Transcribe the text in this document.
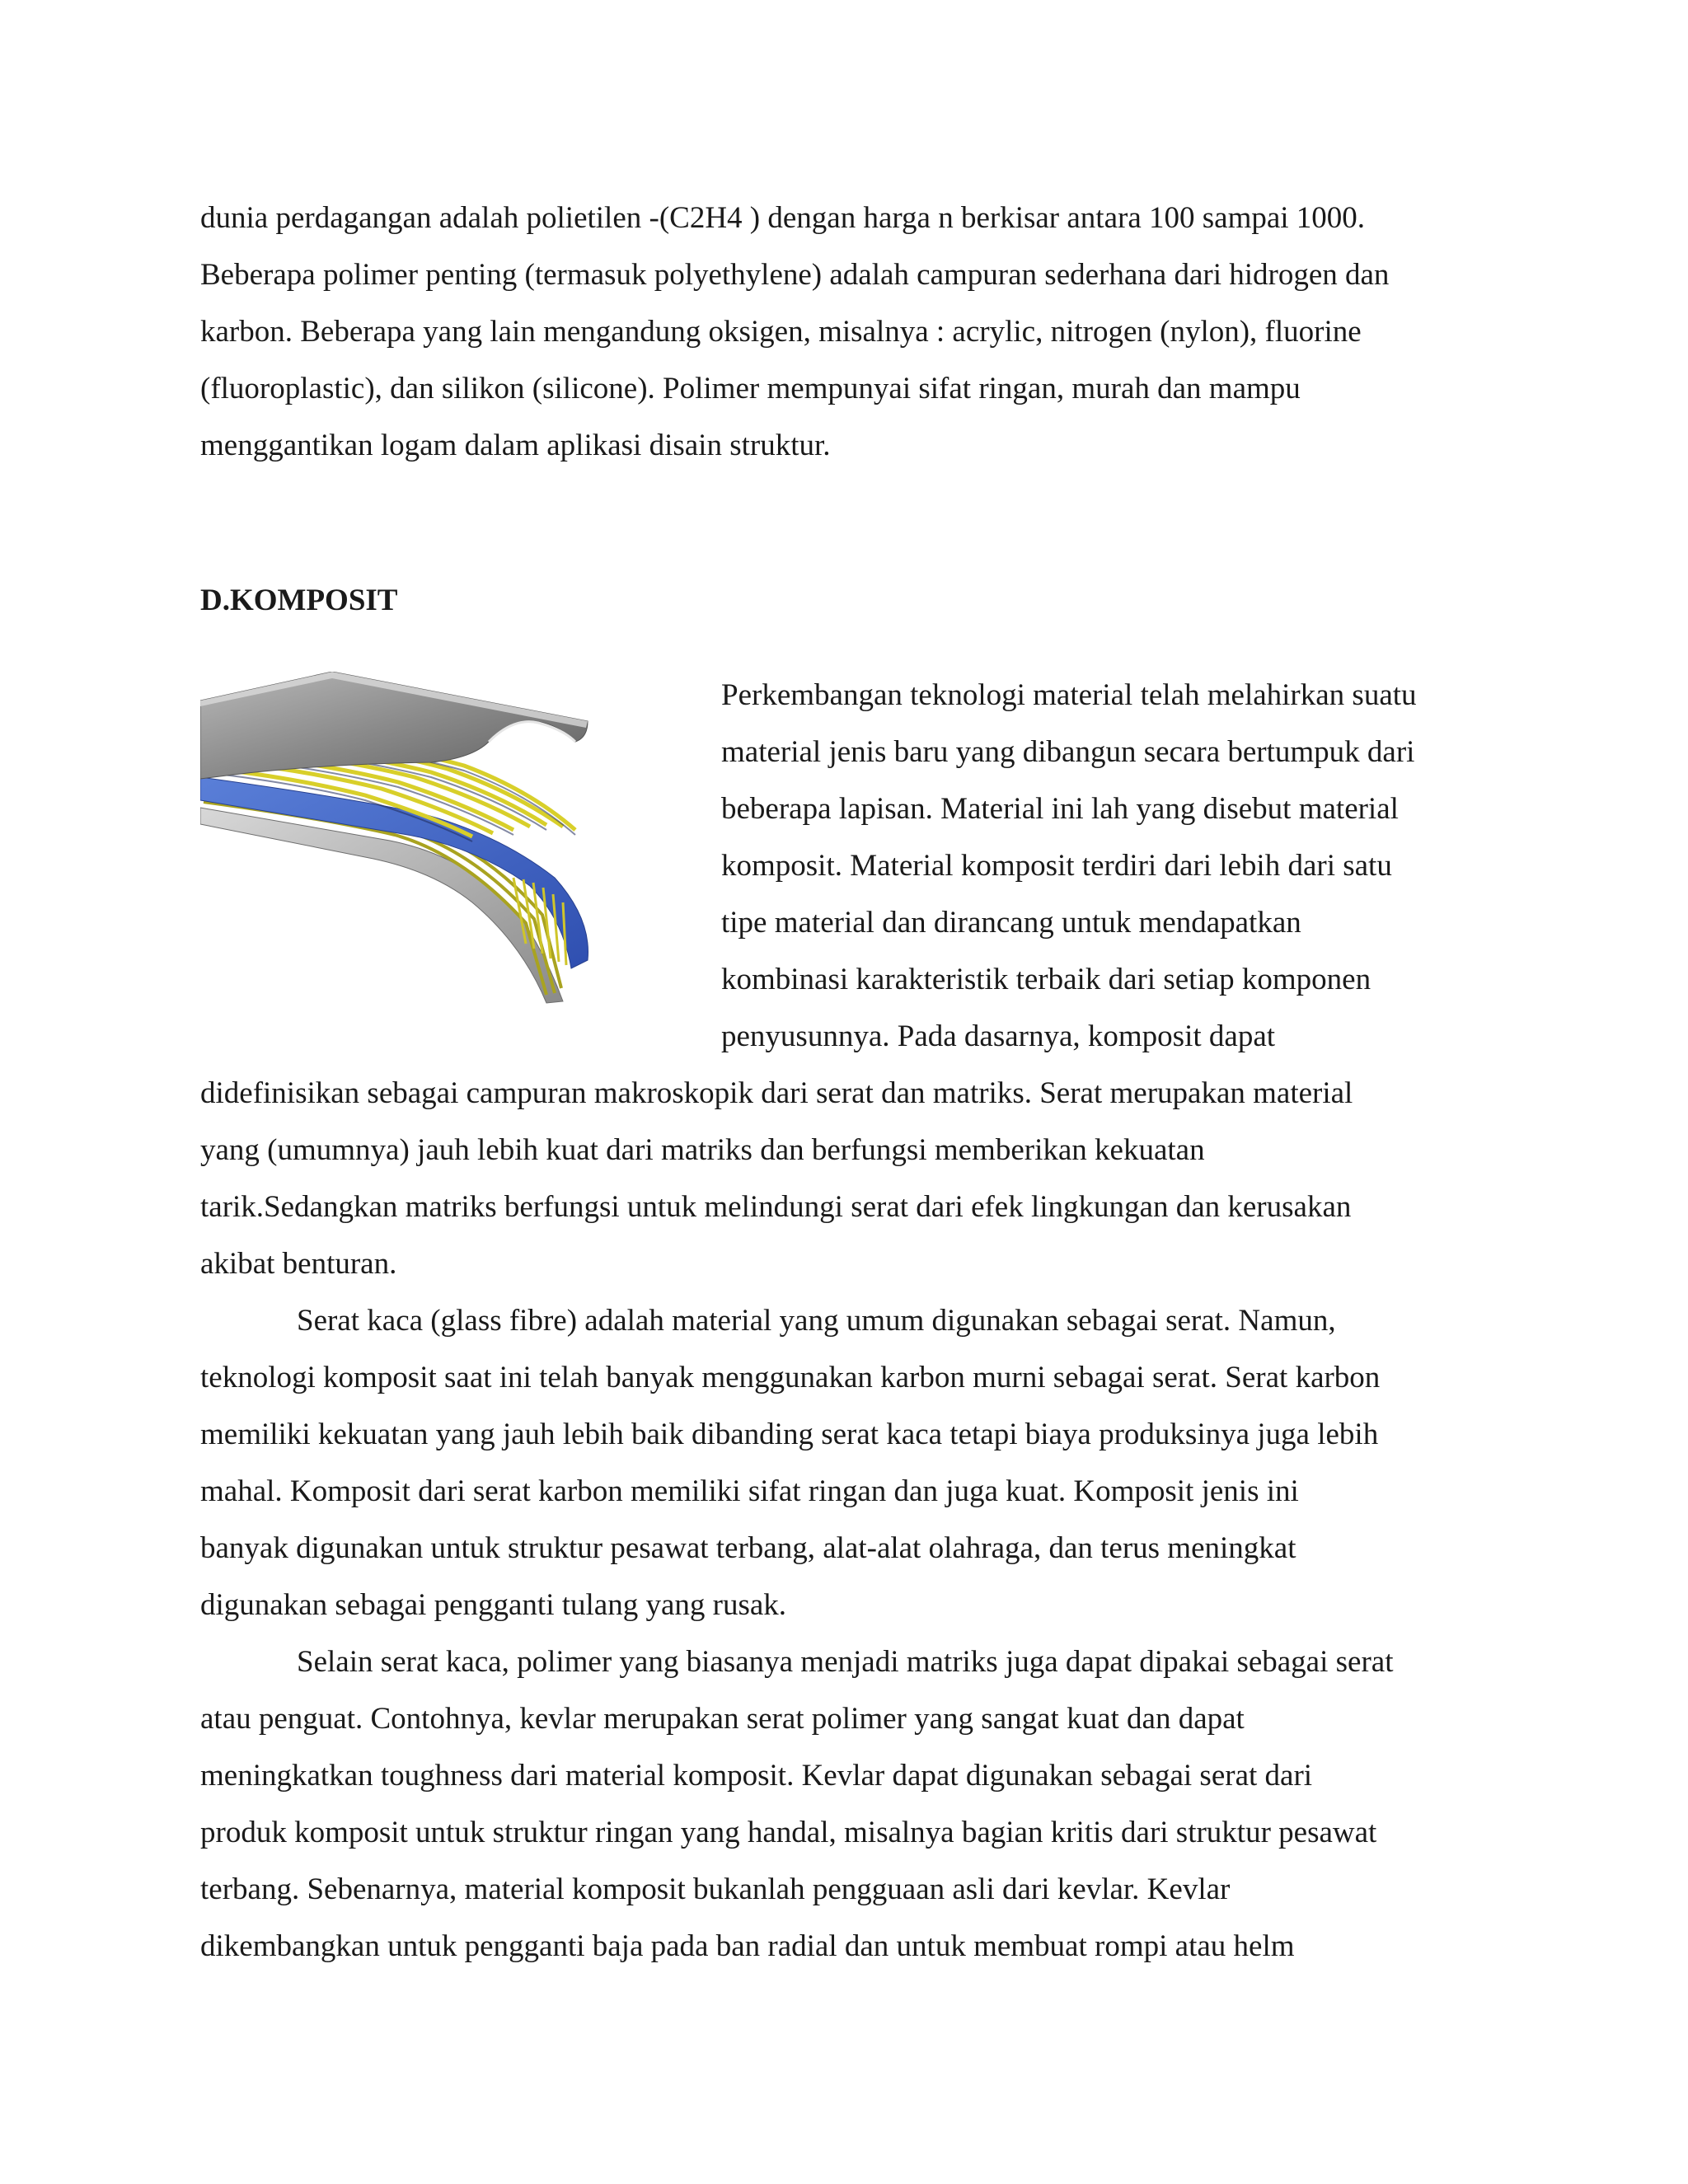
dunia perdagangan adalah polietilen -(C2H4 ) dengan harga n berkisar antara 100 sampai 1000.
Beberapa polimer penting (termasuk polyethylene) adalah campuran sederhana dari hidrogen dan
karbon. Beberapa yang lain mengandung oksigen, misalnya : acrylic, nitrogen (nylon), fluorine
(fluoroplastic), dan silikon (silicone). Polimer mempunyai sifat ringan, murah dan mampu
menggantikan logam dalam aplikasi disain struktur.
D.KOMPOSIT
Perkembangan teknologi material telah melahirkan suatu
material jenis baru yang dibangun secara bertumpuk dari
beberapa lapisan. Material ini lah yang disebut material
komposit. Material komposit terdiri dari lebih dari satu
tipe material dan dirancang untuk mendapatkan
kombinasi karakteristik terbaik dari setiap komponen
penyusunnya. Pada dasarnya, komposit dapat
didefinisikan sebagai campuran makroskopik dari serat dan matriks. Serat merupakan material
yang (umumnya) jauh lebih kuat dari matriks dan berfungsi memberikan kekuatan
tarik.Sedangkan matriks berfungsi untuk melindungi serat dari efek lingkungan dan kerusakan
akibat benturan.
Serat kaca (glass fibre) adalah material yang umum digunakan sebagai serat. Namun,
teknologi komposit saat ini telah banyak menggunakan karbon murni sebagai serat. Serat karbon
memiliki kekuatan yang jauh lebih baik dibanding serat kaca tetapi biaya produksinya juga lebih
mahal. Komposit dari serat karbon memiliki sifat ringan dan juga kuat. Komposit jenis ini
banyak digunakan untuk struktur pesawat terbang, alat-alat olahraga, dan terus meningkat
digunakan sebagai pengganti tulang yang rusak.
Selain serat kaca, polimer yang biasanya menjadi matriks juga dapat dipakai sebagai serat
atau penguat. Contohnya, kevlar merupakan serat polimer yang sangat kuat dan dapat
meningkatkan toughness dari material komposit. Kevlar dapat digunakan sebagai serat dari
produk komposit untuk struktur ringan yang handal, misalnya bagian kritis dari struktur pesawat
terbang. Sebenarnya, material komposit bukanlah pengguaan asli dari kevlar. Kevlar
dikembangkan untuk pengganti baja pada ban radial dan untuk membuat rompi atau helm
